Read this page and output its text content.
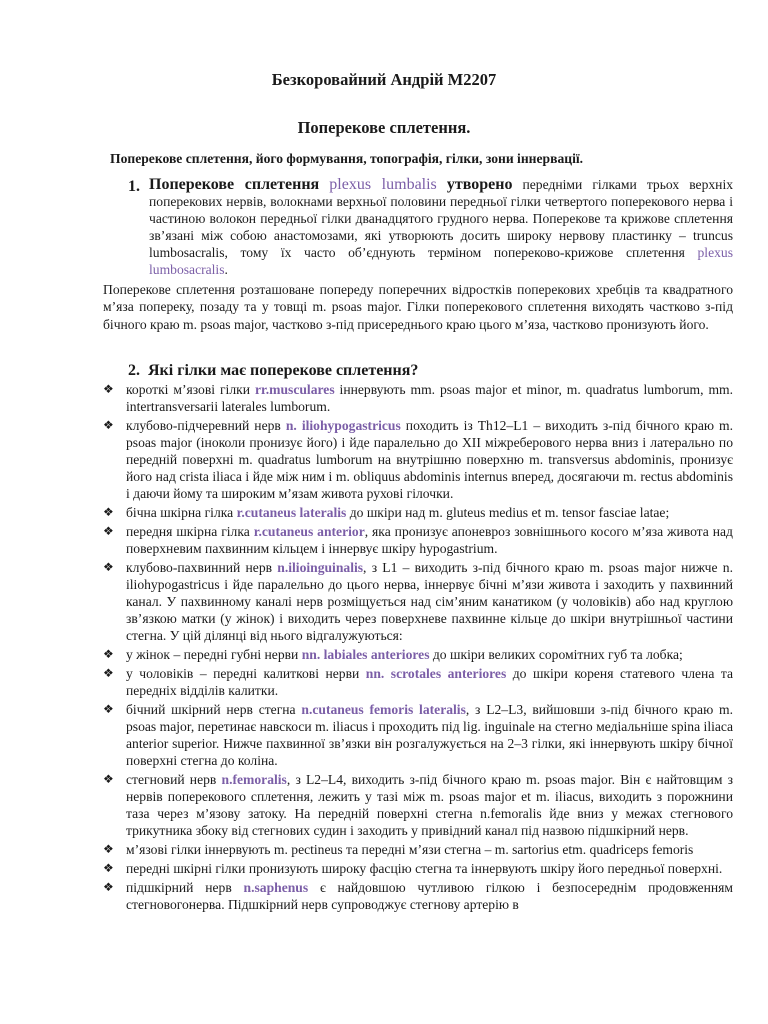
Безкоровайний Андрій М2207
Поперекове сплетення.
Поперекове сплетення, його формування, топографія, гілки, зони іннервації.
1. Поперекове сплетення plexus lumbalis утворено передніми гілками трьох верхніх поперекових нервів, волокнами верхньої половини передньої гілки четвертого поперекового нерва і частиною волокон передньої гілки дванадцятого грудного нерва. Поперекове та крижове сплетення зв’язані між собою анастомозами, які утворюють досить широку нервову пластинку – truncus lumbosacralis, тому їх часто об’єднують терміном попереково-крижове сплетення plexus lumbosacralis.
Поперекове сплетення розташоване попереду поперечних відростків поперекових хребців та квадратного м’яза попереку, позаду та у товщі m. psoas major. Гілки поперекового сплетення виходять частково з-під бічного краю m. psoas major, частково з-під присереднього краю цього м’яза, частково пронизують його.
2. Які гілки має поперекове сплетення?
❖ короткі м’язові гілки rr.musculares іннервують mm. psoas major et minor, m. quadratus lumborum, mm. intertransversarii laterales lumborum.
❖ клубово-підчеревний нерв n. iliohypogastricus походить із Th12–L1 – виходить з-під бічного краю m. psoas major (іноколи пронизує його) і йде паралельно до XII міжреберового нерва вниз і латерально по передній поверхні m. quadratus lumborum на внутрішню поверхню m. transversus abdominis, пронизує його над crista iliaca і йде між ним і m. obliquus abdominis internus вперед, досягаючи m. rectus abdominis і даючи йому та широким м’язам живота рухові гілочки.
❖ бічна шкірна гілка r.cutaneus lateralis до шкіри над m. gluteus medius et m. tensor fasciae latae;
❖ передня шкірна гілка r.cutaneus anterior, яка пронизує апоневроз зовнішнього косого м’яза живота над поверхневим пахвинним кільцем і іннервує шкіру hypogastrium.
❖ клубово-пахвинний нерв n.ilioinguinalis, з L1 – виходить з-під бічного краю m. psoas major нижче n. iliohypogastricus і йде паралельно до цього нерва, іннервує бічні м’язи живота і заходить у пахвинний канал. У пахвинному каналі нерв розміщується над сім’яним канатиком (у чоловіків) або над круглою зв’язкою матки (у жінок) і виходить через поверхневе пахвинне кільце до шкіри внутрішньої частини стегна. У цій ділянці від нього відгалужуються:
❖ у жінок – передні губні нерви nn. labiales anteriores до шкіри великих соромітних губ та лобка;
❖ у чоловіків – передні калиткові нерви nn. scrotales anteriores до шкіри кореня статевого члена та передніх відділів калитки.
❖ бічний шкірний нерв стегна n.cutaneus femoris lateralis, з L2–L3, вийшовши з-під бічного краю m. psoas major, перетинає навскоси m. iliacus і проходить під lig. inguinale на стегно медіальніше spina iliaca anterior superior. Нижче пахвинної зв’язки він розгалужується на 2–3 гілки, які іннервують шкіру бічної поверхні стегна до коліна.
❖ стегновий нерв n.femoralis, з L2–L4, виходить з-під бічного краю m. psoas major. Він є найтовщим з нервів поперекового сплетення, лежить у тазі між m. psoas major et m. iliacus, виходить з порожнини таза через м’язову затоку. На передній поверхні стегна n.femoralis йде вниз у межах стегнового трикутника збоку від стегнових судин і заходить у привідний канал під назвою підшкірний нерв.
❖ м’язові гілки іннервують m. pectineus та передні м’язи стегна – m. sartorius etm. quadriceps femoris
❖ передні шкірні гілки пронизують широку фасцію стегна та іннервують шкіру його передньої поверхні.
❖ підшкірний нерв n.saphenus є найдовшою чутливою гілкою і безпосереднім продовженням стегновогонерва. Підшкірний нерв супроводжує стегнову артерію в
